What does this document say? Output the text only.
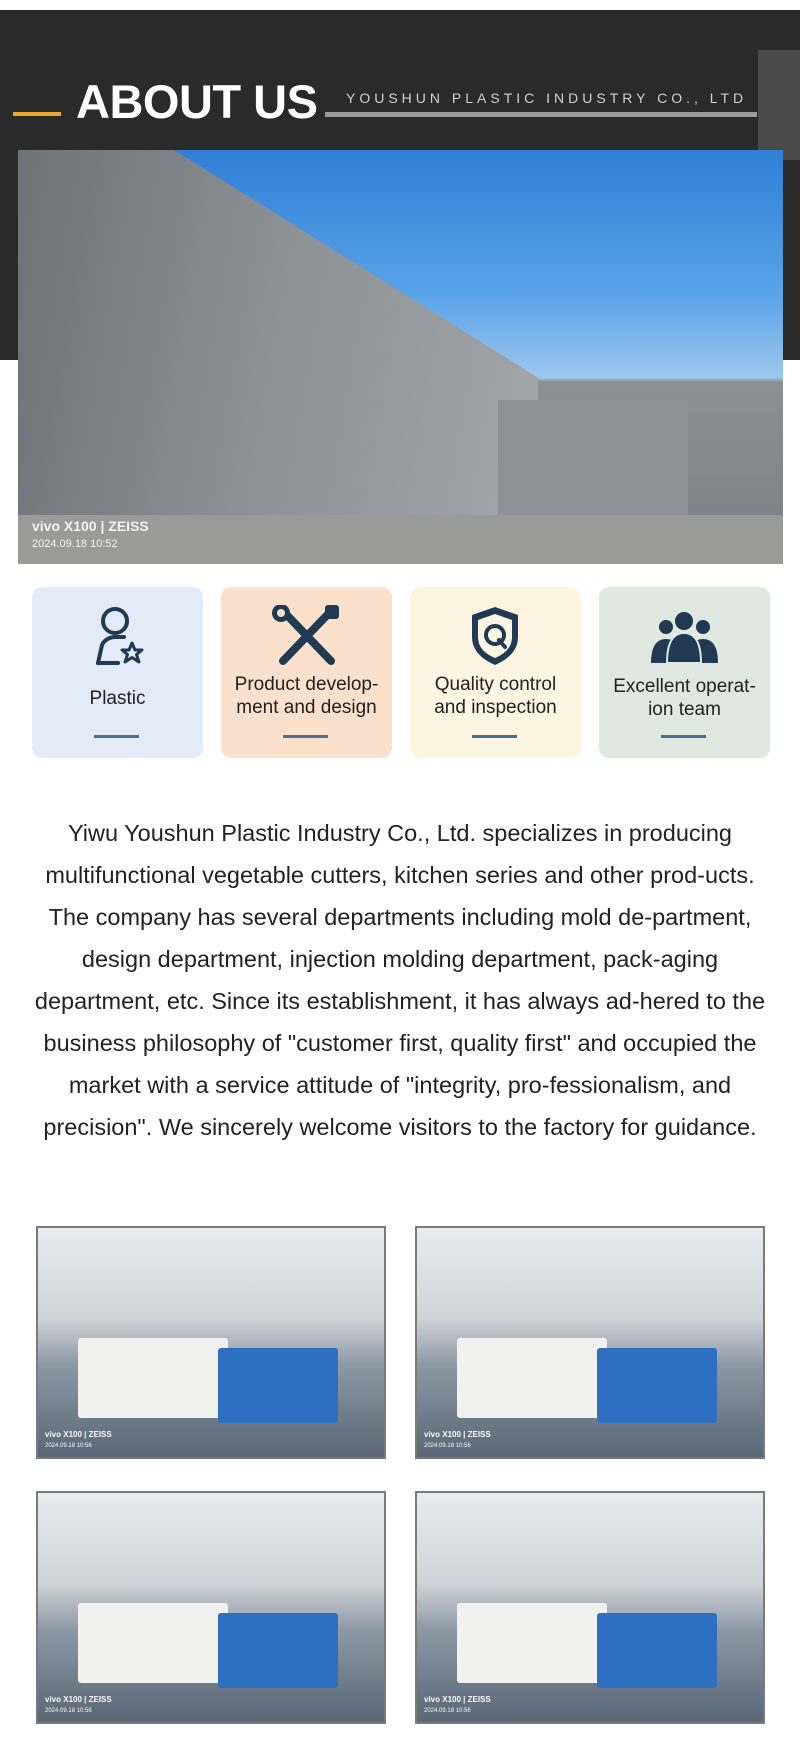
ABOUT US YOUSHUN PLASTIC INDUSTRY CO., LTD
vivo X100 | ZEISS
2024.09.18 10:52
Plastic
Product develop-
ment and design
Quality control
and inspection
Excellent operat-
ion team

Yiwu Youshun Plastic Industry Co., Ltd. specializes in producing multifunctional vegetable cutters, kitchen series and other prod-ucts. The company has several departments including mold de-partment, design department, injection molding department, pack-aging department, etc. Since its establishment, it has always ad-hered to the business philosophy of "customer first, quality first" and occupied the market with a service attitude of "integrity, pro-fessionalism, and precision". We sincerely welcome visitors to the factory for guidance.

vivo X100 | ZEISS
2024.09.18 10:56
vivo X100 | ZEISS
2024.09.18 10:56
vivo X100 | ZEISS
2024.09.18 10:56
vivo X100 | ZEISS
2024.09.18 10:56
